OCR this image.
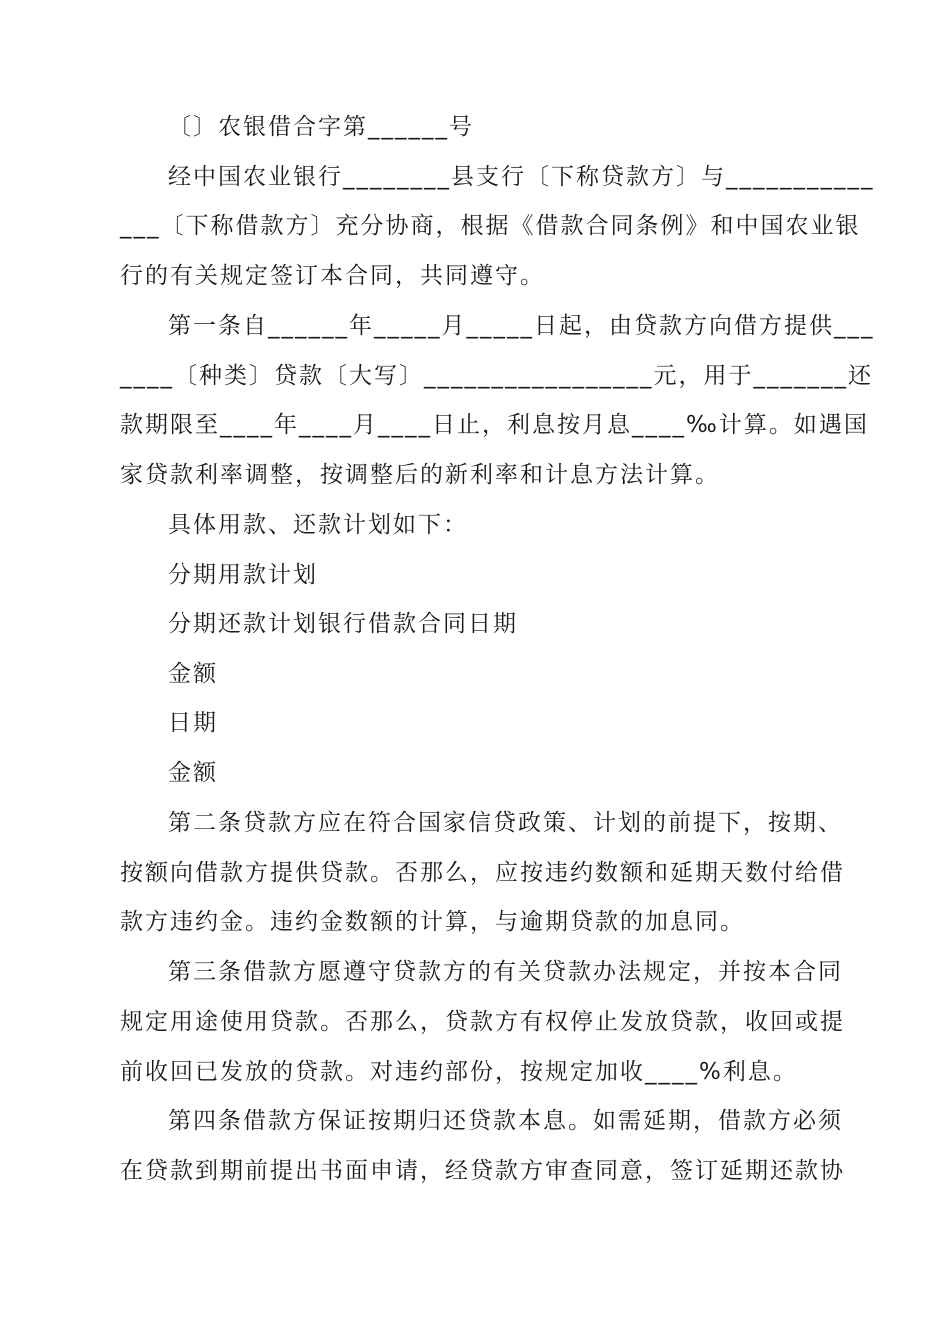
〔〕农银借合字第______号
经中国农业银行________县支行〔下称贷款方〕与___________
___〔下称借款方〕充分协商，根据《借款合同条例》和中国农业银
行的有关规定签订本合同，共同遵守。
第一条自______年_____月_____日起，由贷款方向借方提供___
____〔种类〕贷款〔大写〕_________________元，用于_______还
款期限至____年____月____日止，利息按月息____‰计算。如遇国
家贷款利率调整，按调整后的新利率和计息方法计算。
具体用款、还款计划如下：
分期用款计划
分期还款计划银行借款合同日期
金额
日期
金额
第二条贷款方应在符合国家信贷政策、计划的前提下，按期、
按额向借款方提供贷款。否那么，应按违约数额和延期天数付给借
款方违约金。违约金数额的计算，与逾期贷款的加息同。
第三条借款方愿遵守贷款方的有关贷款办法规定，并按本合同
规定用途使用贷款。否那么，贷款方有权停止发放贷款，收回或提
前收回已发放的贷款。对违约部份，按规定加收____%利息。
第四条借款方保证按期归还贷款本息。如需延期，借款方必须
在贷款到期前提出书面申请，经贷款方审查同意，签订延期还款协
